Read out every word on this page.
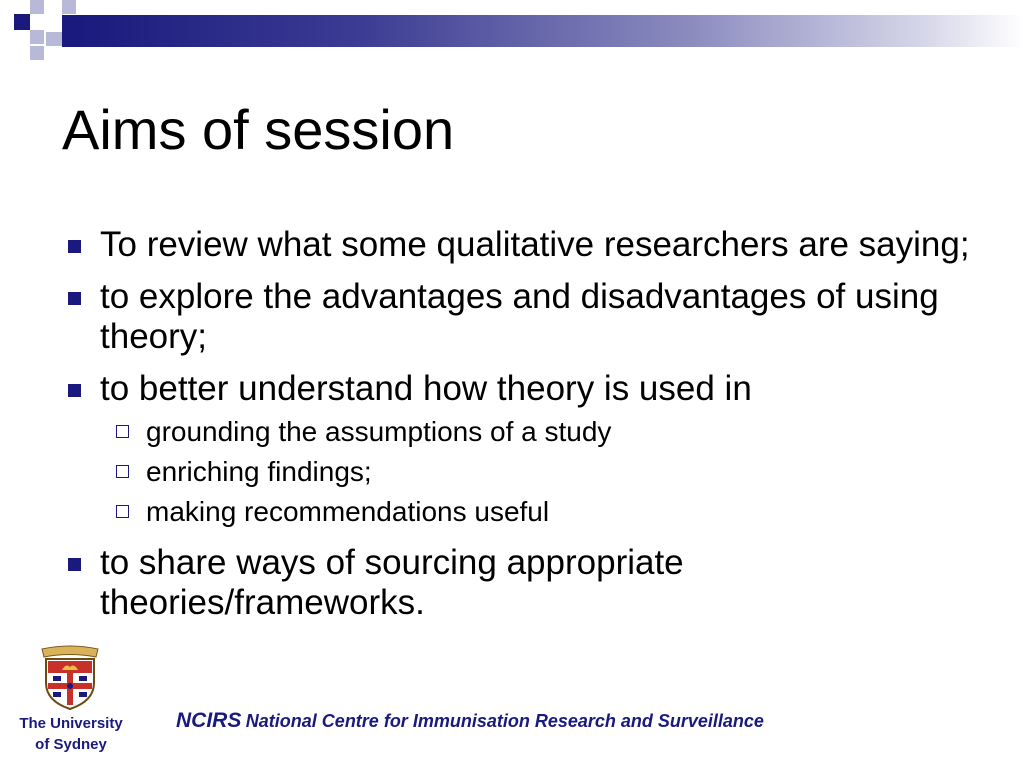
Aims of session
To review what some qualitative researchers are saying;
to explore the advantages and disadvantages of using theory;
to better understand how theory is used in
grounding the assumptions of a study
enriching findings;
making recommendations useful
to share ways of sourcing appropriate theories/frameworks.
The University
of Sydney
NCIRS National Centre for Immunisation Research and Surveillance
